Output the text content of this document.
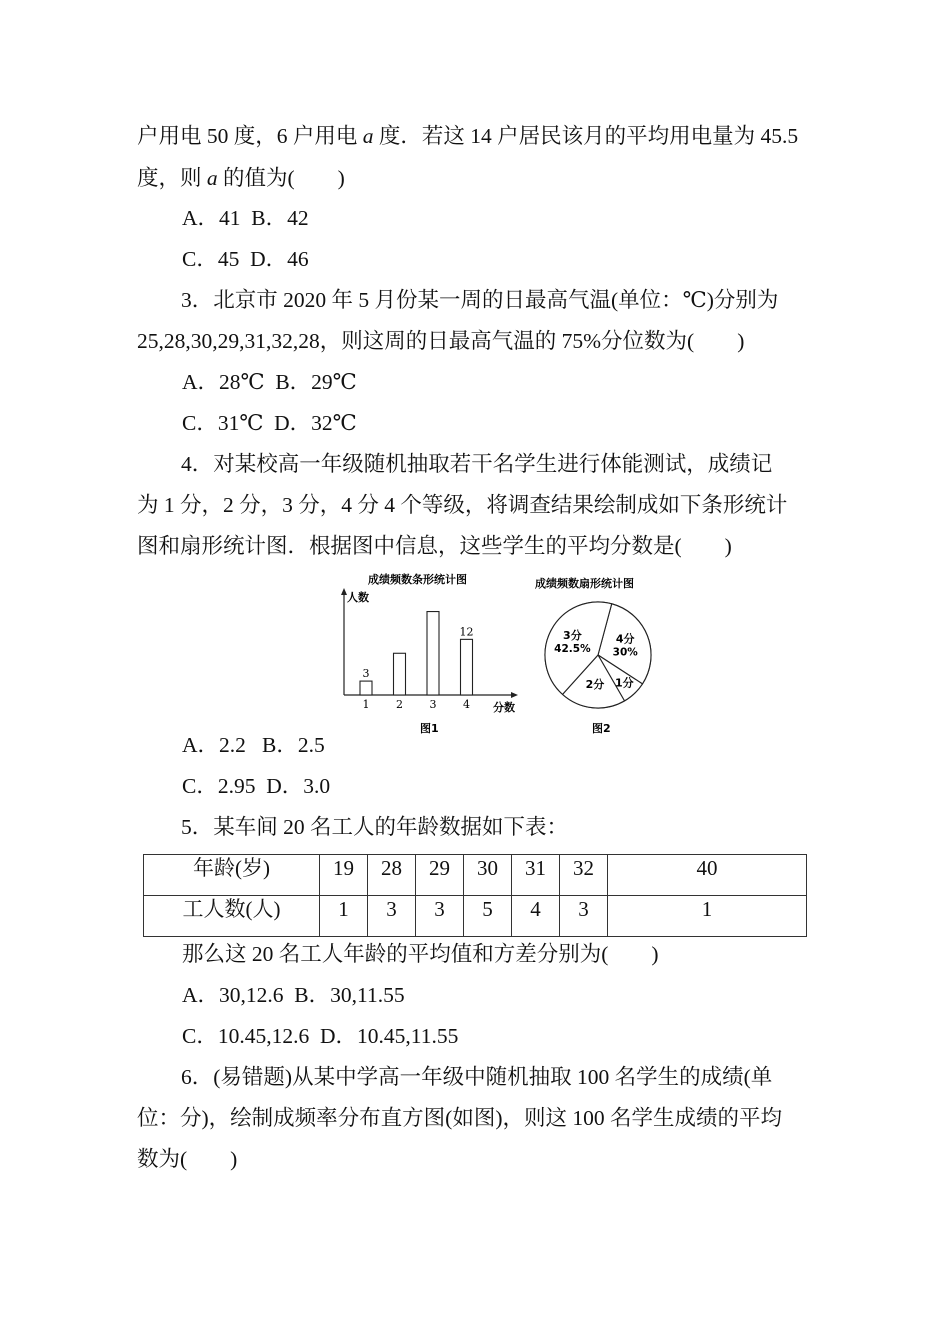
户用电 50 度，6 户用电 a 度．若这 14 户居民该月的平均用电量为 45.5
度，则 a 的值为(　　)
A．41  B．42
C．45  D．46
3．北京市 2020 年 5 月份某一周的日最高气温(单位：℃)分别为
25,28,30,29,31,32,28，则这周的日最高气温的 75%分位数为(　　)
A．28℃  B．29℃
C．31℃  D．32℃
4．对某校高一年级随机抽取若干名学生进行体能测试，成绩记
为 1 分，2 分，3 分，4 分 4 个等级，将调查结果绘制成如下条形统计
图和扇形统计图．根据图中信息，这些学生的平均分数是(　　)
成绩频数条形统计图
人数
分数
1
3
2 3 4
12
图1
成绩频数扇形统计图
4分
30%
1分
2分
3分
42.5%
图2
A．2.2   B．2.5
C．2.95  D．3.0
5．某车间 20 名工人的年龄数据如下表：
年龄(岁)	19	28	29	30	31	32	40
工人数(人)	1	3	3	5	4	3	1
那么这 20 名工人年龄的平均值和方差分别为(　　)
A．30,12.6  B．30,11.55
C．10.45,12.6  D．10.45,11.55
6．(易错题)从某中学高一年级中随机抽取 100 名学生的成绩(单
位：分)，绘制成频率分布直方图(如图)，则这 100 名学生成绩的平均
数为(　　)
